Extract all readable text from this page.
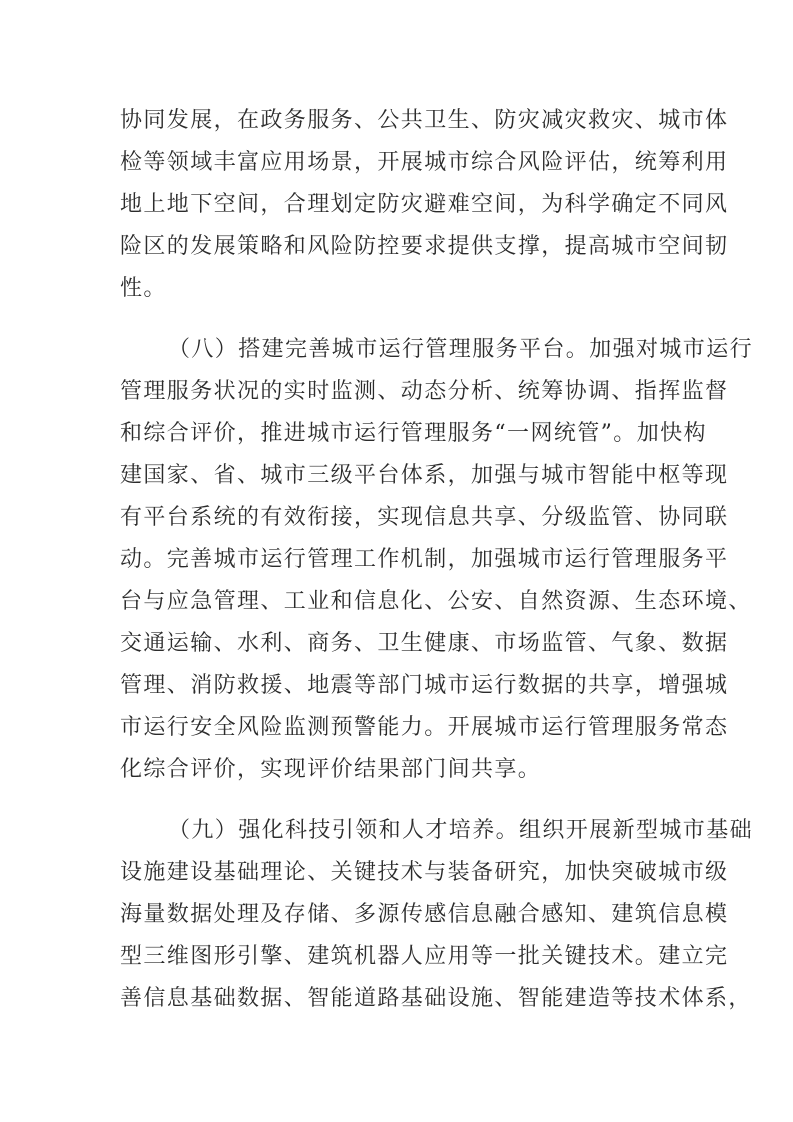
协同发展，在政务服务、公共卫生、防灾减灾救灾、城市体
检等领域丰富应用场景，开展城市综合风险评估，统筹利用
地上地下空间，合理划定防灾避难空间，为科学确定不同风
险区的发展策略和风险防控要求提供支撑，提高城市空间韧
性。

（八）搭建完善城市运行管理服务平台。加强对城市运行
管理服务状况的实时监测、动态分析、统筹协调、指挥监督
和综合评价，推进城市运行管理服务“一网统管”。加快构
建国家、省、城市三级平台体系，加强与城市智能中枢等现
有平台系统的有效衔接，实现信息共享、分级监管、协同联
动。完善城市运行管理工作机制，加强城市运行管理服务平
台与应急管理、工业和信息化、公安、自然资源、生态环境、
交通运输、水利、商务、卫生健康、市场监管、气象、数据
管理、消防救援、地震等部门城市运行数据的共享，增强城
市运行安全风险监测预警能力。开展城市运行管理服务常态
化综合评价，实现评价结果部门间共享。

（九）强化科技引领和人才培养。组织开展新型城市基础
设施建设基础理论、关键技术与装备研究，加快突破城市级
海量数据处理及存储、多源传感信息融合感知、建筑信息模
型三维图形引擎、建筑机器人应用等一批关键技术。建立完
善信息基础数据、智能道路基础设施、智能建造等技术体系，
